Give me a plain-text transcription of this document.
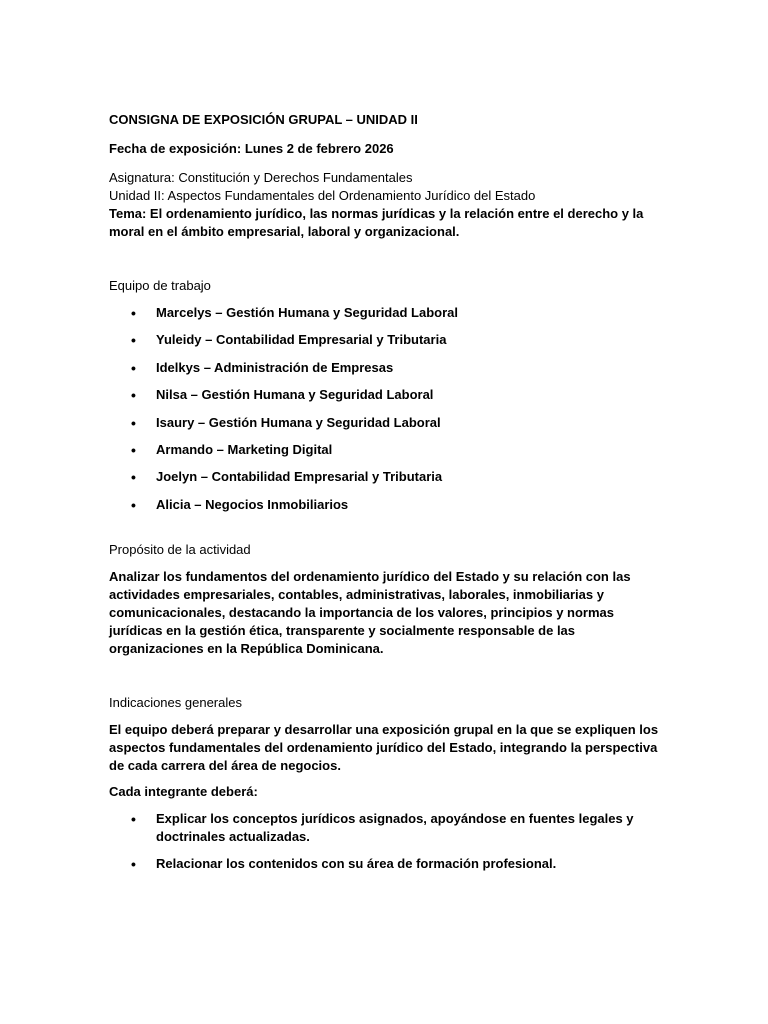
CONSIGNA DE EXPOSICIÓN GRUPAL – UNIDAD II

Fecha de exposición: Lunes 2 de febrero 2026

Asignatura: Constitución y Derechos Fundamentales

Unidad II: Aspectos Fundamentales del Ordenamiento Jurídico del Estado

Tema: El ordenamiento jurídico, las normas jurídicas y la relación entre el derecho y la moral en el ámbito empresarial, laboral y organizacional.

Equipo de trabajo

• Marcelys – Gestión Humana y Seguridad Laboral
• Yuleidy – Contabilidad Empresarial y Tributaria
• Idelkys – Administración de Empresas
• Nilsa – Gestión Humana y Seguridad Laboral
• Isaury – Gestión Humana y Seguridad Laboral
• Armando – Marketing Digital
• Joelyn – Contabilidad Empresarial y Tributaria
• Alicia – Negocios Inmobiliarios

Propósito de la actividad

Analizar los fundamentos del ordenamiento jurídico del Estado y su relación con las actividades empresariales, contables, administrativas, laborales, inmobiliarias y comunicacionales, destacando la importancia de los valores, principios y normas jurídicas en la gestión ética, transparente y socialmente responsable de las organizaciones en la República Dominicana.

Indicaciones generales

El equipo deberá preparar y desarrollar una exposición grupal en la que se expliquen los aspectos fundamentales del ordenamiento jurídico del Estado, integrando la perspectiva de cada carrera del área de negocios.

Cada integrante deberá:

• Explicar los conceptos jurídicos asignados, apoyándose en fuentes legales y doctrinales actualizadas.
• Relacionar los contenidos con su área de formación profesional.
